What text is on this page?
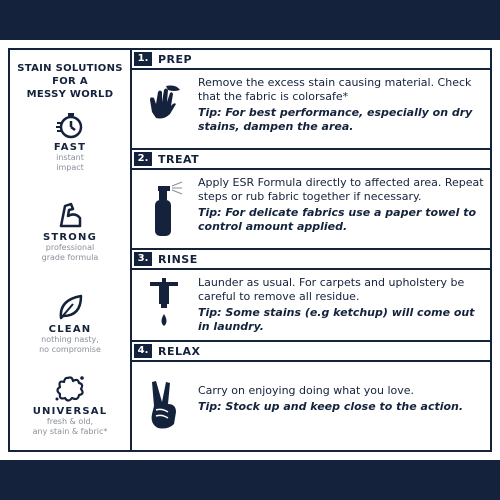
STAIN SOLUTIONS
FOR A
MESSY WORLD
FAST
instant
impact
STRONG
professional
grade formula
CLEAN
nothing nasty,
no compromise
UNIVERSAL
fresh & old,
any stain & fabric*
1. PREP
Remove the excess stain causing material. Check that the fabric is colorsafe*
Tip: For best performance, especially on dry stains, dampen the area.
2. TREAT
Apply ESR Formula directly to affected area. Repeat steps or rub fabric together if necessary.
Tip: For delicate fabrics use a paper towel to control amount applied.
3. RINSE
Launder as usual. For carpets and upholstery be careful to remove all residue.
Tip: Some stains (e.g ketchup) will come out in laundry.
4. RELAX
Carry on enjoying doing what you love.
Tip: Stock up and keep close to the action.
